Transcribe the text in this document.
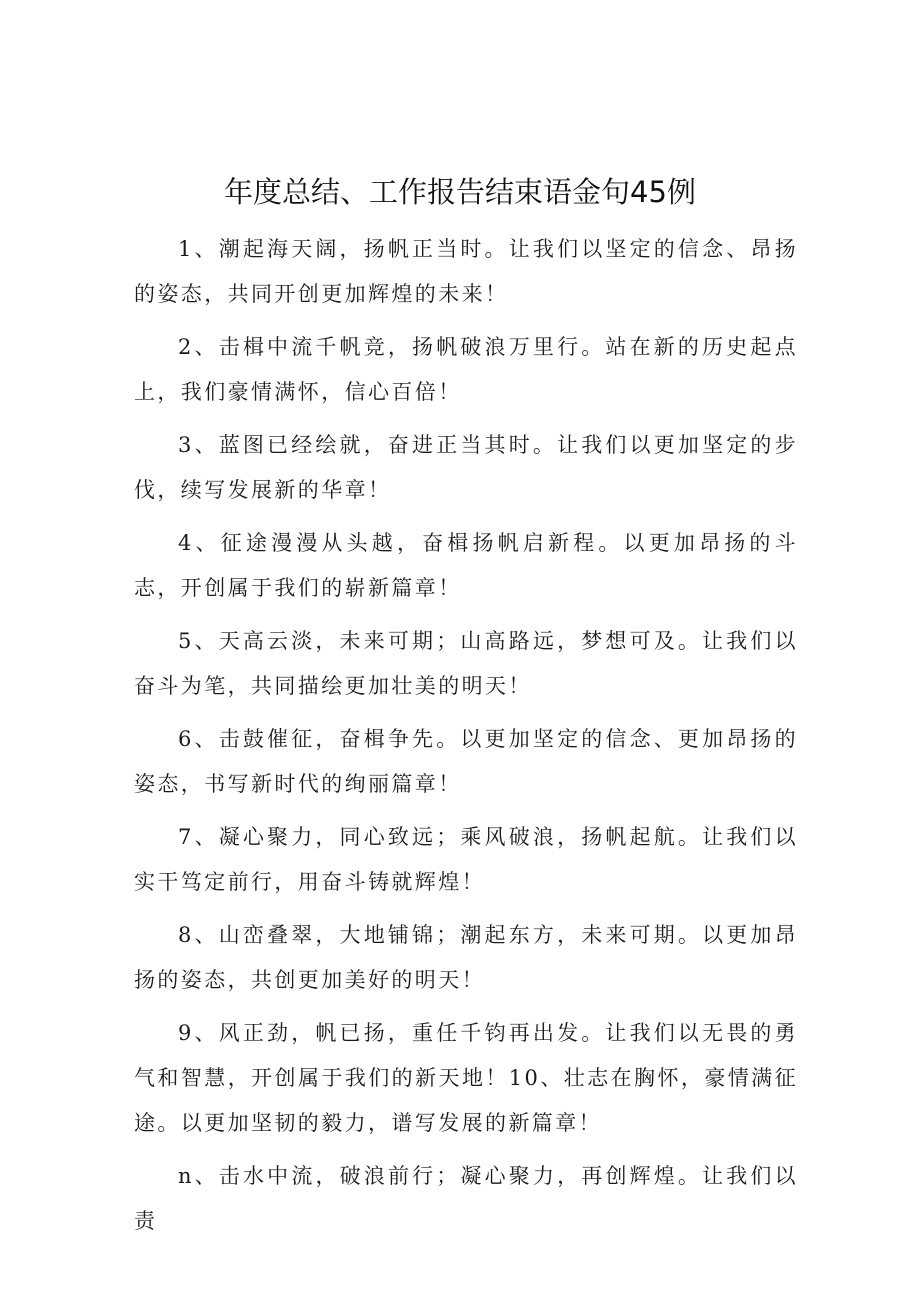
年度总结、工作报告结束语金句45例

1、潮起海天阔，扬帆正当时。让我们以坚定的信念、昂扬的姿态，共同开创更加辉煌的未来！

2、击楫中流千帆竞，扬帆破浪万里行。站在新的历史起点上，我们豪情满怀，信心百倍！

3、蓝图已经绘就，奋进正当其时。让我们以更加坚定的步伐，续写发展新的华章！

4、征途漫漫从头越，奋楫扬帆启新程。以更加昂扬的斗志，开创属于我们的崭新篇章！

5、天高云淡，未来可期；山高路远，梦想可及。让我们以奋斗为笔，共同描绘更加壮美的明天！

6、击鼓催征，奋楫争先。以更加坚定的信念、更加昂扬的姿态，书写新时代的绚丽篇章！

7、凝心聚力，同心致远；乘风破浪，扬帆起航。让我们以实干笃定前行，用奋斗铸就辉煌！

8、山峦叠翠，大地铺锦；潮起东方，未来可期。以更加昂扬的姿态，共创更加美好的明天！

9、风正劲，帆已扬，重任千钧再出发。让我们以无畏的勇气和智慧，开创属于我们的新天地！10、壮志在胸怀，豪情满征途。以更加坚韧的毅力，谱写发展的新篇章！

n、击水中流，破浪前行；凝心聚力，再创辉煌。让我们以责
